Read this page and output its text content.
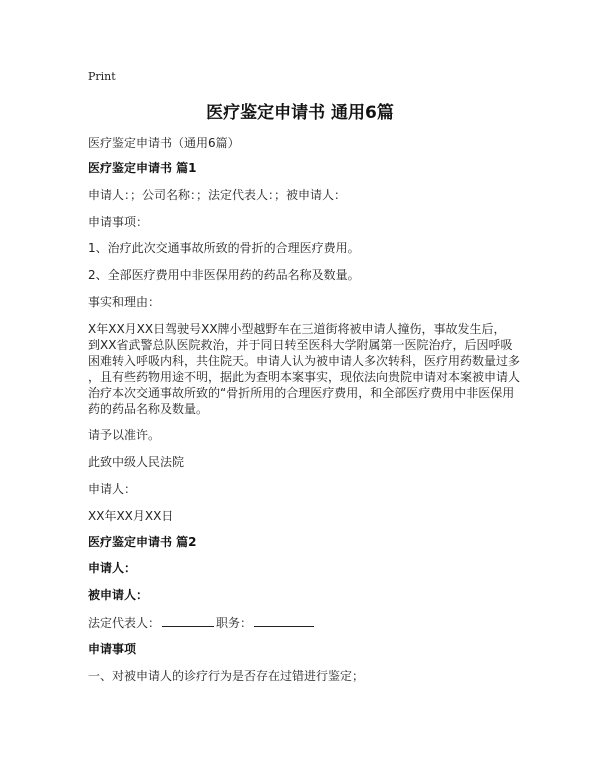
Print
医疗鉴定申请书 通用6篇
医疗鉴定申请书（通用6篇）
医疗鉴定申请书 篇1
申请人：；公司名称：；法定代表人：；被申请人：
申请事项：
1、治疗此次交通事故所致的骨折的合理医疗费用。
2、全部医疗费用中非医保用药的药品名称及数量。
事实和理由：
X年XX月XX日驾驶号XX牌小型越野车在三道街将被申请人撞伤，事故发生后，
到XX省武警总队医院救治，并于同日转至医科大学附属第一医院治疗，后因呼吸
困难转入呼吸内科，共住院天。申请人认为被申请人多次转科，医疗用药数量过多
，且有些药物用途不明，据此为查明本案事实，现依法向贵院申请对本案被申请人
治疗本次交通事故所致的“骨折所用的合理医疗费用，和全部医疗费用中非医保用
药的药品名称及数量。
请予以准许。
此致中级人民法院
申请人：
XX年XX月XX日
医疗鉴定申请书 篇2
申请人：
被申请人：
法定代表人：	职务：
申请事项
一、对被申请人的诊疗行为是否存在过错进行鉴定；
